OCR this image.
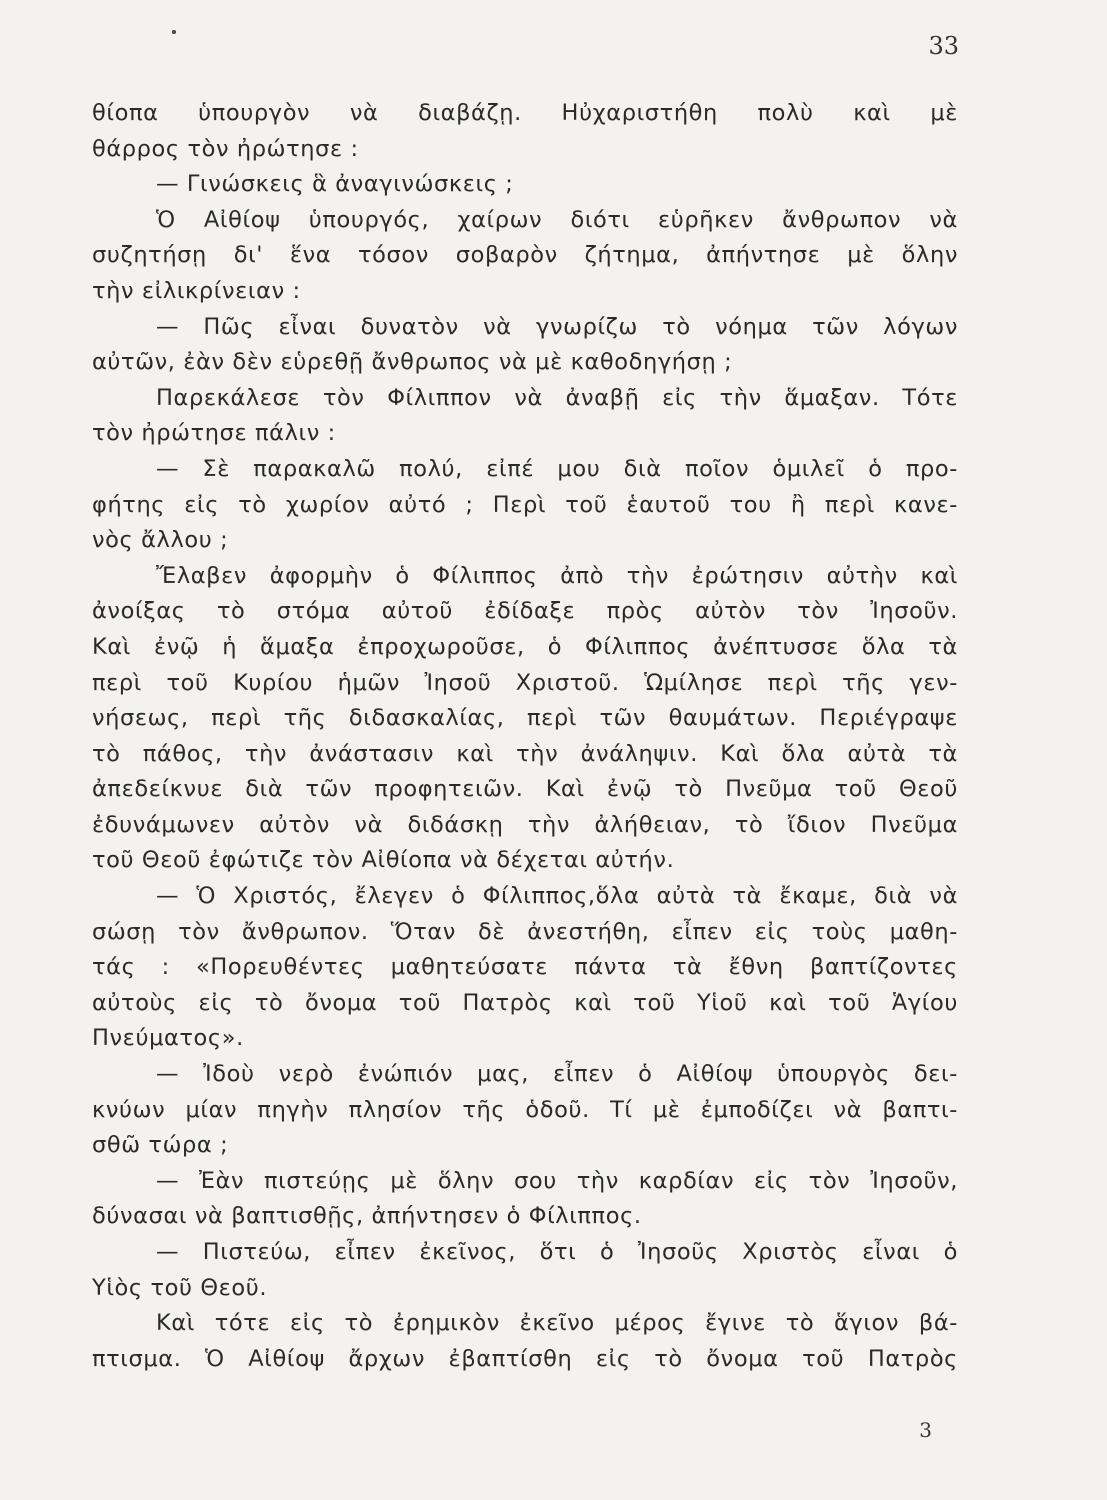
33
θίοπα ὑπουργὸν νὰ διαβάζῃ. Ηὐχαριστήθη πολὺ καὶ μὲ
θάρρος τὸν ἠρώτησε :
— Γινώσκεις ἃ ἀναγινώσκεις ;
Ὁ Αἰθίοψ ὑπουργός, χαίρων διότι εὑρῆκεν ἄνθρωπον νὰ
συζητήσῃ δι' ἕνα τόσον σοβαρὸν ζήτημα, ἀπήντησε μὲ ὅλην
τὴν εἰλικρίνειαν :
— Πῶς εἶναι δυνατὸν νὰ γνωρίζω τὸ νόημα τῶν λόγων
αὐτῶν, ἐὰν δὲν εὑρεθῇ ἄνθρωπος νὰ μὲ καθοδηγήσῃ ;
Παρεκάλεσε τὸν Φίλιππον νὰ ἀναβῇ εἰς τὴν ἅμαξαν. Τότε
τὸν ἠρώτησε πάλιν :
— Σὲ παρακαλῶ πολύ, εἰπέ μου διὰ ποῖον ὁμιλεῖ ὁ προ-
φήτης εἰς τὸ χωρίον αὐτό ; Περὶ τοῦ ἑαυτοῦ του ἢ περὶ κανε-
νὸς ἄλλου ;
Ἔλαβεν ἀφορμὴν ὁ Φίλιππος ἀπὸ τὴν ἐρώτησιν αὐτὴν καὶ
ἀνοίξας τὸ στόμα αὐτοῦ ἐδίδαξε πρὸς αὐτὸν τὸν Ἰησοῦν.
Καὶ ἐνῷ ἡ ἅμαξα ἐπροχωροῦσε, ὁ Φίλιππος ἀνέπτυσσε ὅλα τὰ
περὶ τοῦ Κυρίου ἡμῶν Ἰησοῦ Χριστοῦ. Ὡμίλησε περὶ τῆς γεν-
νήσεως, περὶ τῆς διδασκαλίας, περὶ τῶν θαυμάτων. Περιέγραψε
τὸ πάθος, τὴν ἀνάστασιν καὶ τὴν ἀνάληψιν. Καὶ ὅλα αὐτὰ τὰ
ἀπεδείκνυε διὰ τῶν προφητειῶν. Καὶ ἐνῷ τὸ Πνεῦμα τοῦ Θεοῦ
ἐδυνάμωνεν αὐτὸν νὰ διδάσκῃ τὴν ἀλήθειαν, τὸ ἴδιον Πνεῦμα
τοῦ Θεοῦ ἐφώτιζε τὸν Αἰθίοπα νὰ δέχεται αὐτήν.
— Ὁ Χριστός, ἔλεγεν ὁ Φίλιππος,ὅλα αὐτὰ τὰ ἔκαμε, διὰ νὰ
σώσῃ τὸν ἄνθρωπον. Ὅταν δὲ ἀνεστήθη, εἶπεν εἰς τοὺς μαθη-
τάς : «Πορευθέντες μαθητεύσατε πάντα τὰ ἔθνη βαπτίζοντες
αὐτοὺς εἰς τὸ ὄνομα τοῦ Πατρὸς καὶ τοῦ Υἱοῦ καὶ τοῦ Ἁγίου
Πνεύματος».
— Ἰδοὺ νερὸ ἐνώπιόν μας, εἶπεν ὁ Αἰθίοψ ὑπουργὸς δει-
κνύων μίαν πηγὴν πλησίον τῆς ὁδοῦ. Τί μὲ ἐμποδίζει νὰ βαπτι-
σθῶ τώρα ;
— Ἐὰν πιστεύῃς μὲ ὅλην σου τὴν καρδίαν εἰς τὸν Ἰησοῦν,
δύνασαι νὰ βαπτισθῇς, ἀπήντησεν ὁ Φίλιππος.
— Πιστεύω, εἶπεν ἐκεῖνος, ὅτι ὁ Ἰησοῦς Χριστὸς εἶναι ὁ
Υἱὸς τοῦ Θεοῦ.
Καὶ τότε εἰς τὸ ἐρημικὸν ἐκεῖνο μέρος ἔγινε τὸ ἅγιον βά-
πτισμα. Ὁ Αἰθίοψ ἄρχων ἐβαπτίσθη εἰς τὸ ὄνομα τοῦ Πατρὸς
3
